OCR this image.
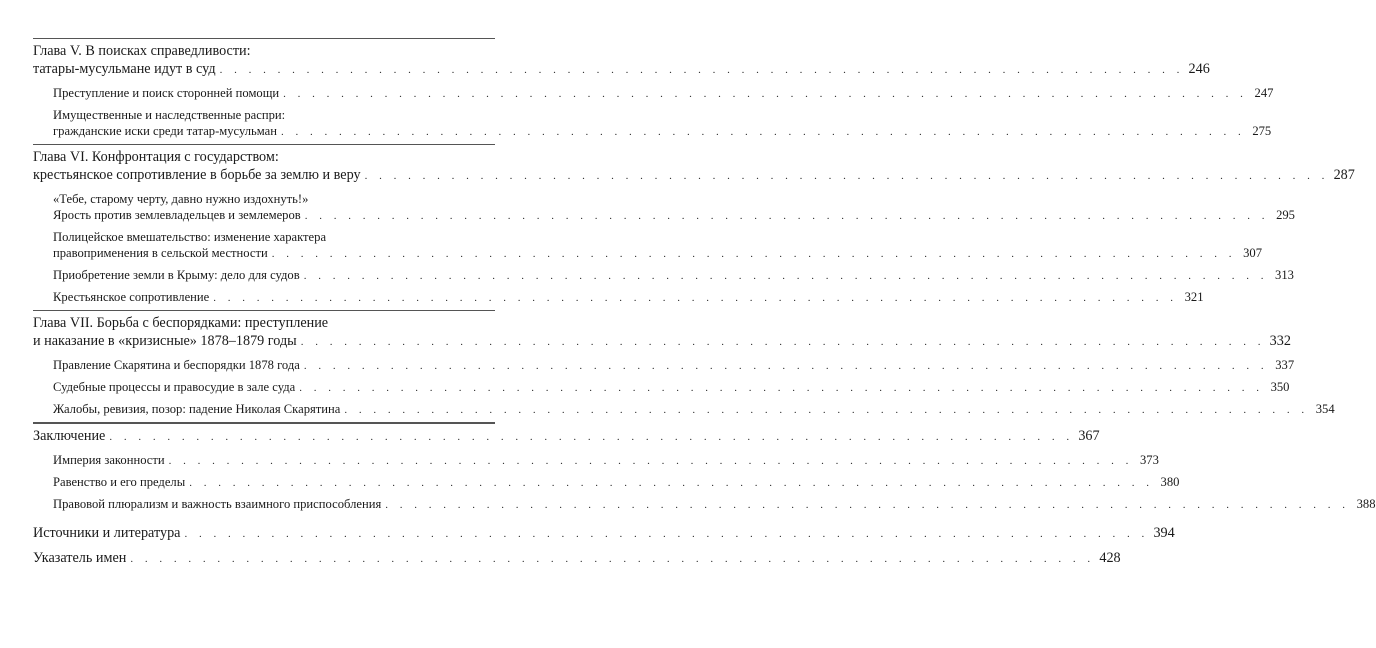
Глава V. В поисках справедливости:
татары-мусульмане идут в суд . . . . . . . . . . . . . . . . . . . . . . . . . . . . . . . . . . . . . . . . . . . . . . . . . . . . . . . . . . . . . . . . . . . 246
Преступление и поиск сторонней помощи . . . . . . . . . . . . . . . . . . . . . . . . . . . . . . . . . . . . . . . . . . . . . . . . . . . . . . . . . . . . . . . . . . . 247
Имущественные и наследственные распри:
гражданские иски среди татар-мусульман . . . . . . . . . . . . . . . . . . . . . . . . . . . . . . . . . . . . . . . . . . . . . . . . . . . . . . . . . . . . . . . . . . . 275
Глава VI. Конфронтация с государством:
крестьянское сопротивление в борьбе за землю и веру . . . . . . . . . . . . . . . . . . . . . . . . . . . . . . . . . . . . . . . . . . . . . . . . . . . . . . . . . . . . . . . . . . . 287
«Тебе, старому черту, давно нужно издохнуть!»
Ярость против землевладельцев и землемеров . . . . . . . . . . . . . . . . . . . . . . . . . . . . . . . . . . . . . . . . . . . . . . . . . . . . . . . . . . . . . . . . . . . 295
Полицейское вмешательство: изменение характера
правоприменения в сельской местности . . . . . . . . . . . . . . . . . . . . . . . . . . . . . . . . . . . . . . . . . . . . . . . . . . . . . . . . . . . . . . . . . . . 307
Приобретение земли в Крыму: дело для судов . . . . . . . . . . . . . . . . . . . . . . . . . . . . . . . . . . . . . . . . . . . . . . . . . . . . . . . . . . . . . . . . . . . 313
Крестьянское сопротивление . . . . . . . . . . . . . . . . . . . . . . . . . . . . . . . . . . . . . . . . . . . . . . . . . . . . . . . . . . . . . . . . . . . 321
Глава VII. Борьба с беспорядками: преступление
и наказание в «кризисные» 1878–1879 годы . . . . . . . . . . . . . . . . . . . . . . . . . . . . . . . . . . . . . . . . . . . . . . . . . . . . . . . . . . . . . . . . . . . 332
Правление Скарятина и беспорядки 1878 года . . . . . . . . . . . . . . . . . . . . . . . . . . . . . . . . . . . . . . . . . . . . . . . . . . . . . . . . . . . . . . . . . . . 337
Судебные процессы и правосудие в зале суда . . . . . . . . . . . . . . . . . . . . . . . . . . . . . . . . . . . . . . . . . . . . . . . . . . . . . . . . . . . . . . . . . . . 350
Жалобы, ревизия, позор: падение Николая Скарятина . . . . . . . . . . . . . . . . . . . . . . . . . . . . . . . . . . . . . . . . . . . . . . . . . . . . . . . . . . . . . . . . . . . 354
Заключение . . . . . . . . . . . . . . . . . . . . . . . . . . . . . . . . . . . . . . . . . . . . . . . . . . . . . . . . . . . . . . . . . . . 367
Империя законности . . . . . . . . . . . . . . . . . . . . . . . . . . . . . . . . . . . . . . . . . . . . . . . . . . . . . . . . . . . . . . . . . . . 373
Равенство и его пределы . . . . . . . . . . . . . . . . . . . . . . . . . . . . . . . . . . . . . . . . . . . . . . . . . . . . . . . . . . . . . . . . . . . 380
Правовой плюрализм и важность взаимного приспособления . . . . . . . . . . . . . . . . . . . . . . . . . . . . . . . . . . . . . . . . . . . . . . . . . . . . . . . . . . . . . . . . . . . 388
Источники и литература . . . . . . . . . . . . . . . . . . . . . . . . . . . . . . . . . . . . . . . . . . . . . . . . . . . . . . . . . . . . . . . . . . . 394
Указатель имен . . . . . . . . . . . . . . . . . . . . . . . . . . . . . . . . . . . . . . . . . . . . . . . . . . . . . . . . . . . . . . . . . . . 428
